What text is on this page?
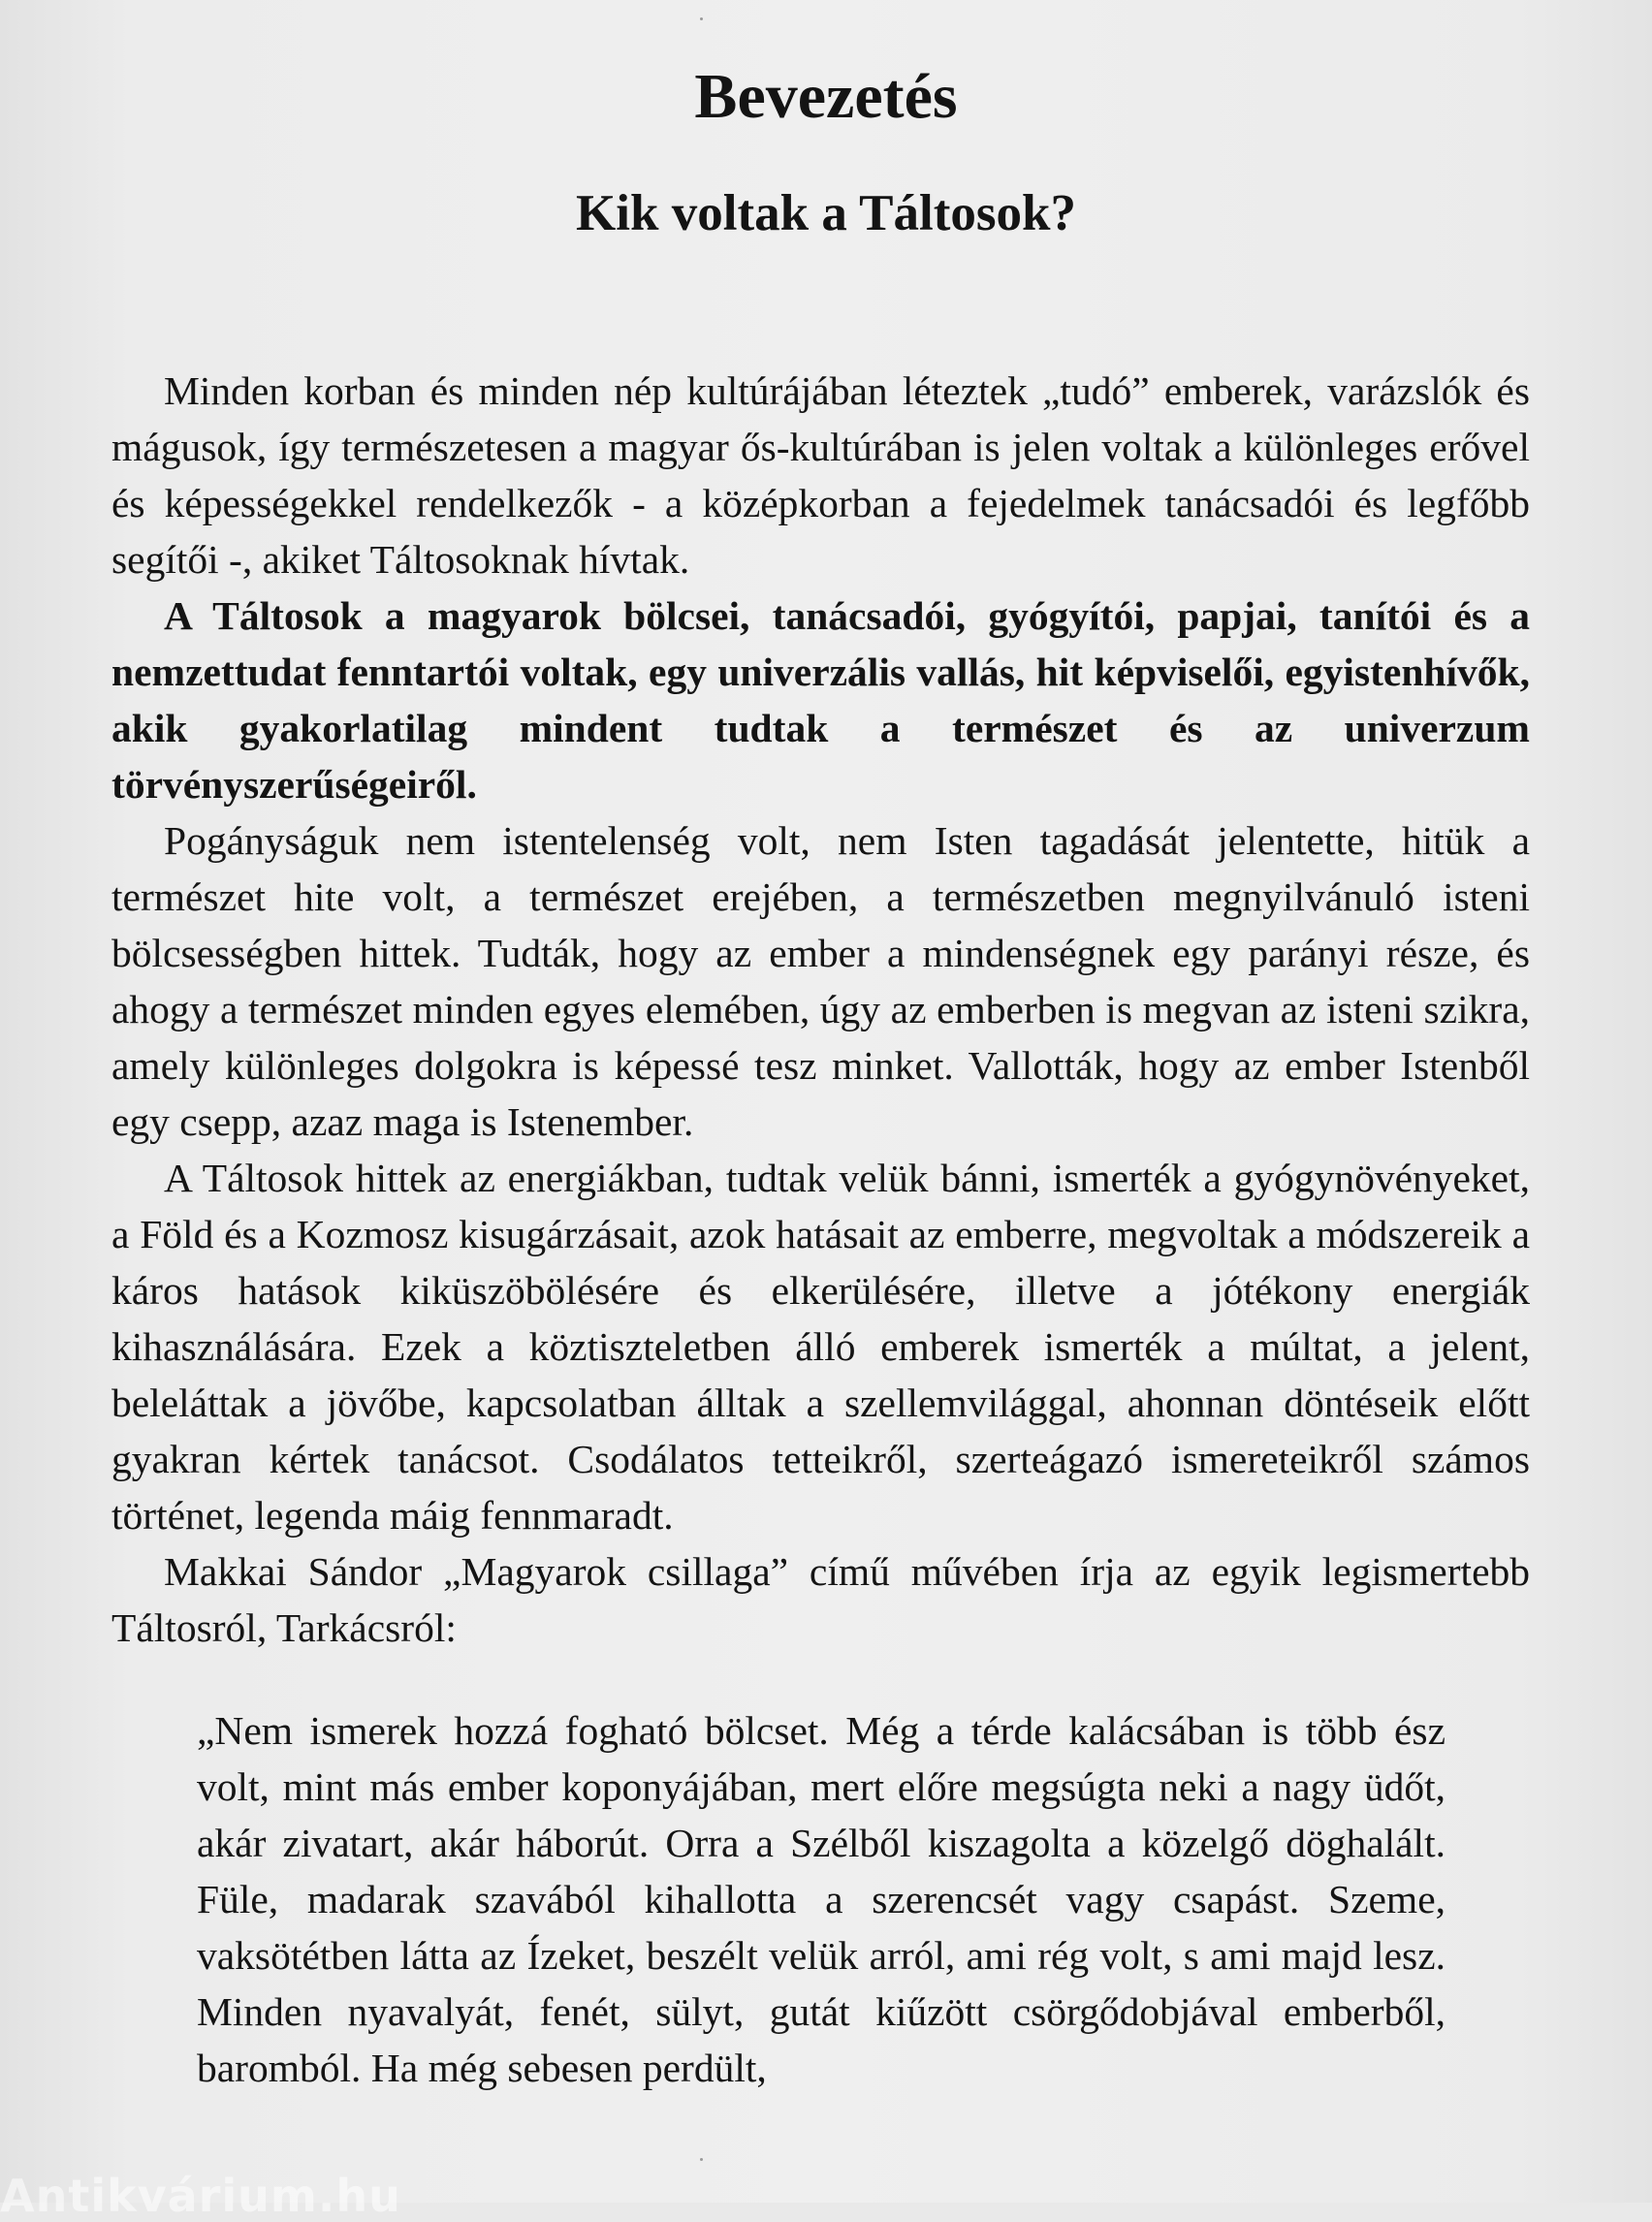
Bevezetés
Kik voltak a Táltosok?

Minden korban és minden nép kultúrájában léteztek „tudó” emberek, varázslók és mágusok, így természetesen a magyar ős-kultúrában is jelen voltak a különleges erővel és képességekkel rendelkezők - a középkorban a fejedelmek tanácsadói és legfőbb segítői -, akiket Táltosoknak hívtak.

A Táltosok a magyarok bölcsei, tanácsadói, gyógyítói, papjai, tanítói és a nemzettudat fenntartói voltak, egy univerzális vallás, hit képviselői, egyistenhívők, akik gyakorlatilag mindent tudtak a természet és az univerzum törvényszerűségeiről.

Pogányságuk nem istentelenség volt, nem Isten tagadását jelentette, hitük a természet hite volt, a természet erejében, a természetben megnyilvánuló isteni bölcsességben hittek. Tudták, hogy az ember a mindenségnek egy parányi része, és ahogy a természet minden egyes elemében, úgy az emberben is megvan az isteni szikra, amely különleges dolgokra is képessé tesz minket. Vallották, hogy az ember Istenből egy csepp, azaz maga is Istenember.

A Táltosok hittek az energiákban, tudtak velük bánni, ismerték a gyógynövényeket, a Föld és a Kozmosz kisugárzásait, azok hatásait az emberre, megvoltak a módszereik a káros hatások kiküszöbölésére és elkerülésére, illetve a jótékony energiák kihasználására. Ezek a köztiszteletben álló emberek ismerték a múltat, a jelent, beleláttak a jövőbe, kapcsolatban álltak a szellemvilággal, ahonnan döntéseik előtt gyakran kértek tanácsot. Csodálatos tetteikről, szerteágazó ismereteikről számos történet, legenda máig fennmaradt.

Makkai Sándor „Magyarok csillaga” című művében írja az egyik legismertebb Táltosról, Tarkácsról:

„Nem ismerek hozzá fogható bölcset. Még a térde kalácsában is több ész volt, mint más ember koponyájában, mert előre megsúgta neki a nagy üdőt, akár zivatart, akár háborút. Orra a Szélből kiszagolta a közelgő döghalált. Füle, madarak szavából kihallotta a szerencsét vagy csapást. Szeme, vaksötétben látta az Ízeket, beszélt velük arról, ami rég volt, s ami majd lesz. Minden nyavalyát, fenét, sülyt, gutát kiűzött csörgődobjával emberből, baromból. Ha még sebesen perdült,

Antikvárium.hu
